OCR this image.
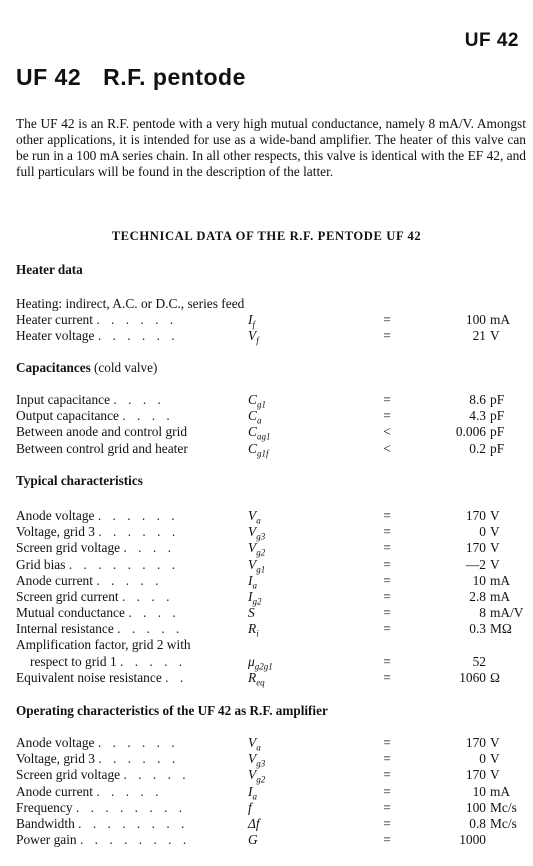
UF 42
UF 42 R.F. pentode

The UF 42 is an R.F. pentode with a very high mutual conductance, namely 8 mA/V. Amongst other applications, it is intended for use as a wide-band amplifier. The heater of this valve can be run in a 100 mA series chain. In all other respects, this valve is identical with the EF 42, and full particulars will be found in the description of the latter.

TECHNICAL DATA OF THE R.F. PENTODE UF 42
Heater data
Heating: indirect, A.C. or D.C., series feed
Heater current . . . . . .	$I_f$	=	100 mA
Heater voltage . . . . . .	$V_f$	=	21 V
Capacitances (cold valve)
Input capacitance . . . .	$C_{g1}$	=	8.6 pF
Output capacitance . . . .	$C_a$	=	4.3 pF
Between anode and control grid	$C_{ag1}$	<	0.006 pF
Between control grid and heater	$C_{g1f}$	<	0.2 pF
Typical characteristics
Anode voltage . . . . . .	$V_a$	=	170 V
Voltage, grid 3 . . . . . .	$V_{g3}$	=	0 V
Screen grid voltage . . . .	$V_{g2}$	=	170 V
Grid bias . . . . . . . .	$V_{g1}$	=	—2 V
Anode current . . . . .	$I_a$	=	10 mA
Screen grid current . . . .	$I_{g2}$	=	2.8 mA
Mutual conductance . . . .	S	=	8 mA/V
Internal resistance . . . . .	$R_i$	=	0.3 MΩ
Amplification factor, grid 2 with
respect to grid 1 . . . . .	$\mu_{g2g1}$	=	52
Equivalent noise resistance . .	$R_{eq}$	=	1060 Ω
Operating characteristics of the UF 42 as R.F. amplifier
Anode voltage . . . . . .	$V_a$	=	170 V
Voltage, grid 3 . . . . . .	$V_{g3}$	=	0 V
Screen grid voltage . . . . .	$V_{g2}$	=	170 V
Anode current . . . . .	$I_a$	=	10 mA
Frequency . . . . . . . .	f	=	100 Mc/s
Bandwidth . . . . . . . .	Δf	=	0.8 Mc/s
Power gain . . . . . . . .	G	=	1000
